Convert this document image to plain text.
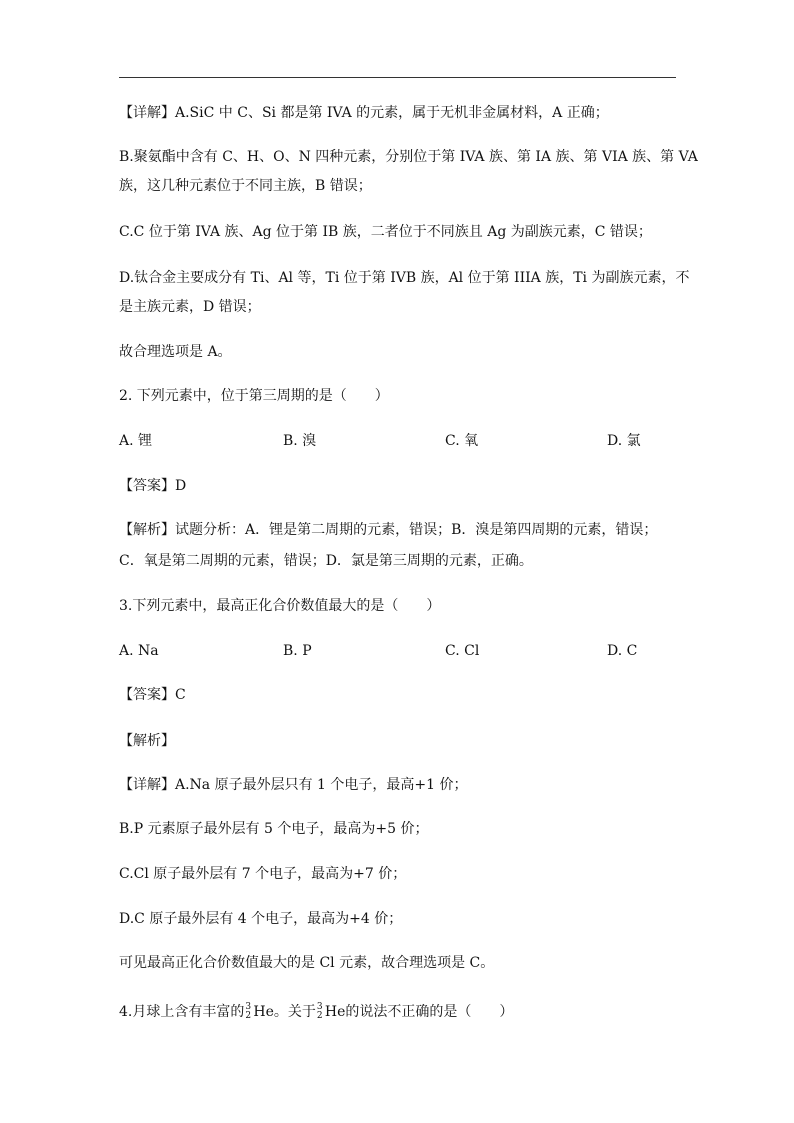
【详解】A.SiC 中 C、Si 都是第 IVA 的元素，属于无机非金属材料，A 正确；
B.聚氨酯中含有 C、H、O、N 四种元素，分别位于第 IVA 族、第 IA 族、第 VIA 族、第 VA
族，这几种元素位于不同主族，B 错误；
C.C 位于第 IVA 族、Ag 位于第 IB 族，二者位于不同族且 Ag 为副族元素，C 错误；
D.钛合金主要成分有 Ti、Al 等，Ti 位于第 IVB 族，Al 位于第 IIIA 族，Ti 为副族元素，不
是主族元素，D 错误；
故合理选项是 A。
2. 下列元素中，位于第三周期的是（　　）
A. 锂	B. 溴	C. 氧	D. 氯
【答案】D
【解析】试题分析：A．锂是第二周期的元素，错误；B．溴是第四周期的元素，错误；
C．氧是第二周期的元素，错误；D．氯是第三周期的元素，正确。
3.下列元素中，最高正化合价数值最大的是（　　）
A. Na	B. P	C. Cl	D. C
【答案】C
【解析】
【详解】A.Na 原子最外层只有 1 个电子，最高+1 价；
B.P 元素原子最外层有 5 个电子，最高为+5 价；
C.Cl 原子最外层有 7 个电子，最高为+7 价；
D.C 原子最外层有 4 个电子，最高为+4 价；
可见最高正化合价数值最大的是 Cl 元素，故合理选项是 C。
4.月球上含有丰富的 3
2 He。关于 3
2 He的说法不正确的是（　　）
